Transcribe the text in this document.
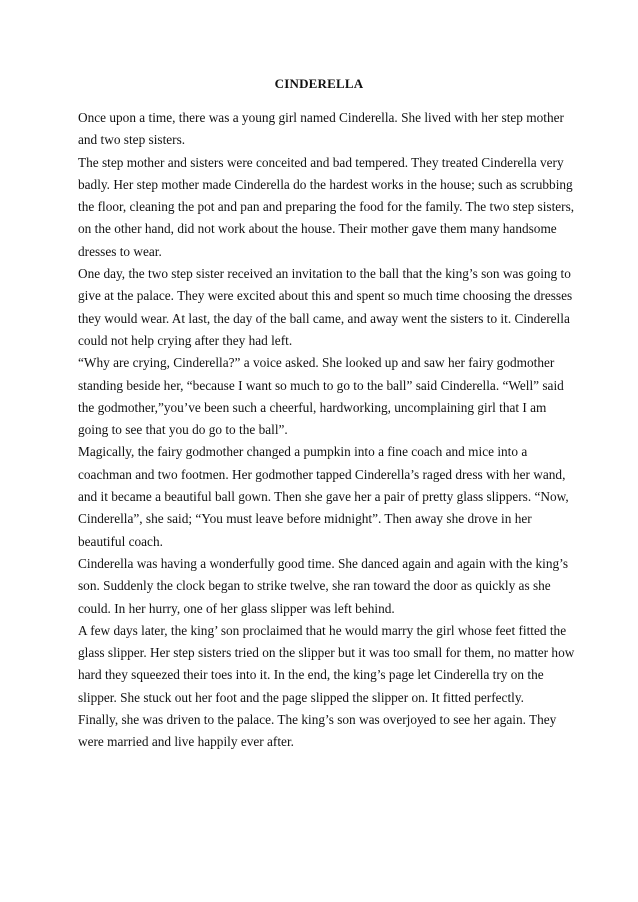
CINDERELLA
Once upon a time, there was a young girl named Cinderella. She lived with her step mother
and two step sisters.
The step mother and sisters were conceited and bad tempered. They treated Cinderella very
badly. Her step mother made Cinderella do the hardest works in the house; such as scrubbing
the floor, cleaning the pot and pan and preparing the food for the family. The two step sisters,
on the other hand, did not work about the house. Their mother gave them many handsome
dresses to wear.
One day, the two step sister received an invitation to the ball that the king’s son was going to
give at the palace. They were excited about this and spent so much time choosing the dresses
they would wear. At last, the day of the ball came, and away went the sisters to it. Cinderella
could not help crying after they had left.
“Why are crying, Cinderella?” a voice asked. She looked up and saw her fairy godmother
standing beside her, “because I want so much to go to the ball” said Cinderella. “Well” said
the godmother,”you’ve been such a cheerful, hardworking, uncomplaining girl that I am
going to see that you do go to the ball”.
Magically, the fairy godmother changed a pumpkin into a fine coach and mice into a
coachman and two footmen. Her godmother tapped Cinderella’s raged dress with her wand,
and it became a beautiful ball gown. Then she gave her a pair of pretty glass slippers. “Now,
Cinderella”, she said; “You must leave before midnight”. Then away she drove in her
beautiful coach.
Cinderella was having a wonderfully good time. She danced again and again with the king’s
son. Suddenly the clock began to strike twelve, she ran toward the door as quickly as she
could. In her hurry, one of her glass slipper was left behind.
A few days later, the king’ son proclaimed that he would marry the girl whose feet fitted the
glass slipper. Her step sisters tried on the slipper but it was too small for them, no matter how
hard they squeezed their toes into it. In the end, the king’s page let Cinderella try on the
slipper. She stuck out her foot and the page slipped the slipper on. It fitted perfectly.
Finally, she was driven to the palace. The king’s son was overjoyed to see her again. They
were married and live happily ever after.
